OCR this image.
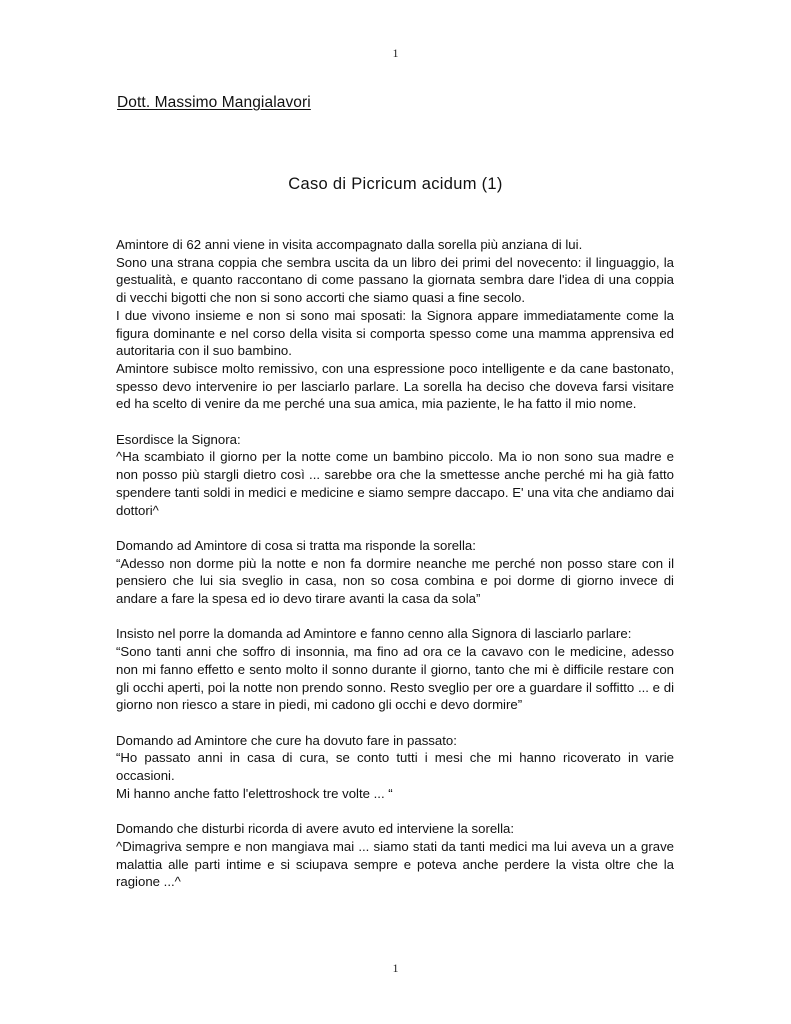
1
Dott. Massimo Mangialavori
Caso di Picricum acidum (1)

Amintore di 62 anni viene in visita accompagnato dalla sorella più anziana di lui.

Sono una strana coppia che sembra uscita da un libro dei primi del novecento: il linguaggio, la gestualità, e quanto raccontano di come passano la giornata sembra dare l'idea di una coppia di vecchi bigotti che non si sono accorti che siamo quasi a fine secolo.

I due vivono insieme e non si sono mai sposati: la Signora appare immediatamente come la figura dominante e nel corso della visita si comporta spesso come una mamma apprensiva ed autoritaria con il suo bambino.

Amintore subisce molto remissivo, con una espressione poco intelligente e da cane bastonato, spesso devo intervenire io per lasciarlo parlare. La sorella ha deciso che doveva farsi visitare ed ha scelto di venire da me perché una sua amica, mia paziente, le ha fatto il mio nome.

Esordisce la Signora:

^Ha scambiato il giorno per la notte come un bambino piccolo. Ma io non sono sua madre e non posso più stargli dietro così ... sarebbe ora che la smettesse anche perché mi ha già fatto spendere tanti soldi in medici e medicine e siamo sempre daccapo. E' una vita che andiamo dai dottori^

Domando ad Amintore di cosa si tratta ma risponde la sorella:

“Adesso non dorme più la notte e non fa dormire neanche me perché non posso stare con il pensiero che lui sia sveglio in casa, non so cosa combina e poi dorme di giorno invece di andare a fare la spesa ed io devo tirare avanti la casa da sola”

Insisto nel porre la domanda ad Amintore e fanno cenno alla Signora di lasciarlo parlare:

“Sono tanti anni che soffro di insonnia, ma fino ad ora ce la cavavo con le medicine, adesso non mi fanno effetto e sento molto il sonno durante il giorno, tanto che mi è difficile restare con gli occhi aperti, poi la notte non prendo sonno. Resto sveglio per ore a guardare il soffitto ... e di giorno non riesco a stare in piedi, mi cadono gli occhi e devo dormire”

Domando ad Amintore che cure ha dovuto fare in passato:

“Ho passato anni in casa di cura, se conto tutti i mesi che mi hanno ricoverato in varie occasioni.

Mi hanno anche fatto l'elettroshock tre volte ... “

Domando che disturbi ricorda di avere avuto ed interviene la sorella:

^Dimagriva sempre e non mangiava mai ... siamo stati da tanti medici ma lui aveva un a grave malattia alle parti intime e si sciupava sempre e poteva anche perdere la vista oltre che la ragione ...^

1
